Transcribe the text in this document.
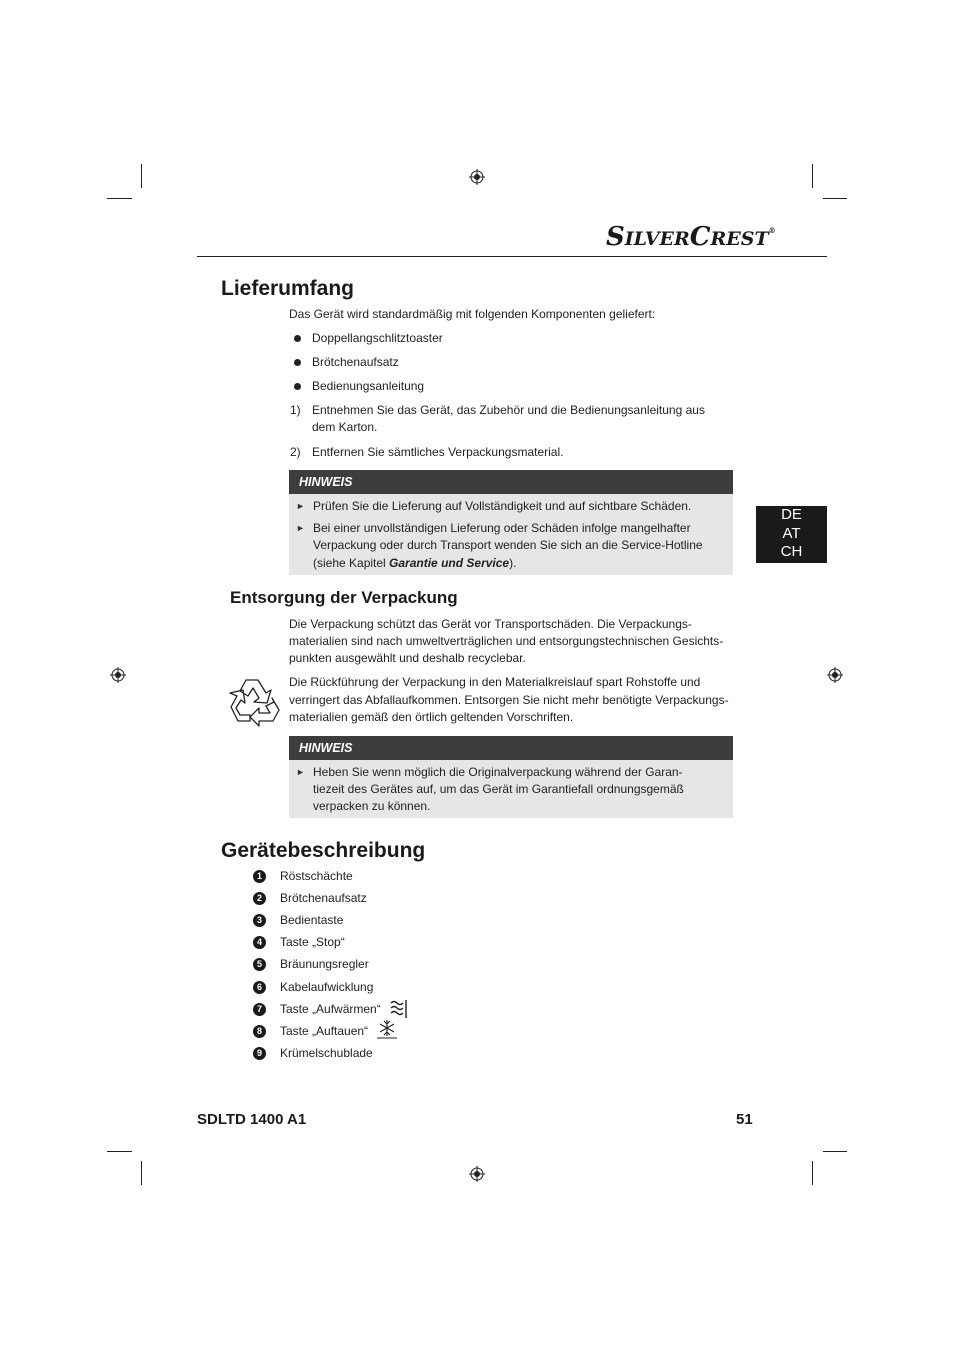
SILVERCREST®
Lieferumfang
Das Gerät wird standardmäßig mit folgenden Komponenten geliefert:
Doppellangschlitztoaster
Brötchenaufsatz
Bedienungsanleitung
1) Entnehmen Sie das Gerät, das Zubehör und die Bedienungsanleitung aus
dem Karton.
2) Entfernen Sie sämtliches Verpackungsmaterial.
HINWEIS
► Prüfen Sie die Lieferung auf Vollständigkeit und auf sichtbare Schäden.
► Bei einer unvollständigen Lieferung oder Schäden infolge mangelhafter
Verpackung oder durch Transport wenden Sie sich an die Service-Hotline
(siehe Kapitel Garantie und Service).
DE
AT
CH
Entsorgung der Verpackung
Die Verpackung schützt das Gerät vor Transportschäden. Die Verpackungs-
materialien sind nach umweltverträglichen und entsorgungstechnischen Gesichts-
punkten ausgewählt und deshalb recyclebar.
Die Rückführung der Verpackung in den Materialkreislauf spart Rohstoffe und
verringert das Abfallaufkommen. Entsorgen Sie nicht mehr benötigte Verpackungs-
materialien gemäß den örtlich geltenden Vorschriften.
HINWEIS
► Heben Sie wenn möglich die Originalverpackung während der Garan-
tiezeit des Gerätes auf, um das Gerät im Garantiefall ordnungsgemäß
verpacken zu können.
Gerätebeschreibung
1	Röstschächte
2	Brötchenaufsatz
3	Bedientaste
4	Taste „Stop“
5	Bräunungsregler
6	Kabelaufwicklung
7	Taste „Aufwärmen“
8	Taste „Auftauen“
9	Krümelschublade
SDLTD 1400 A1	51
